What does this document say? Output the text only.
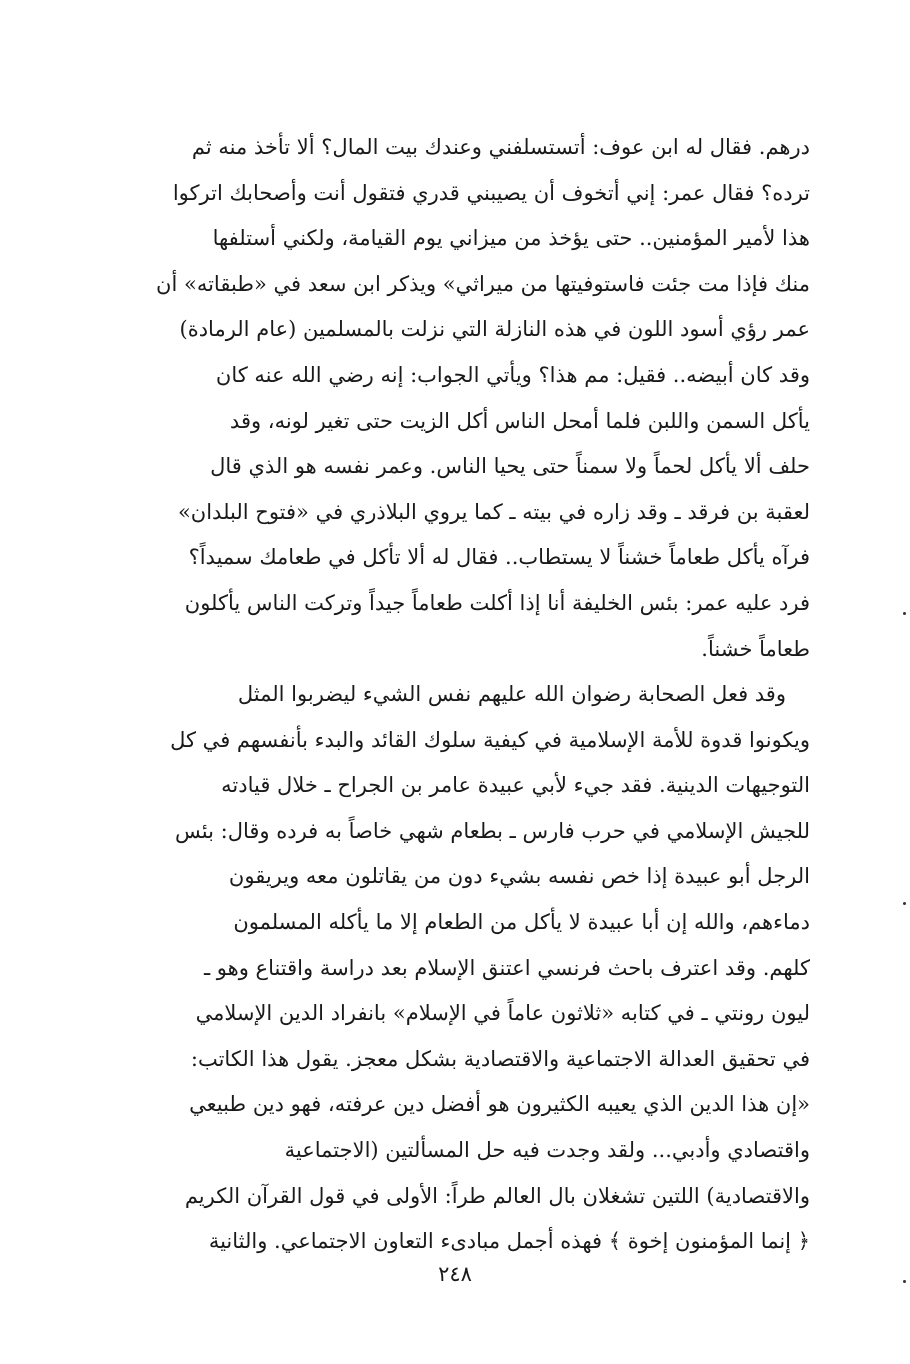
درهم. فقال له ابن عوف: أتستسلفني وعندك بيت المال؟ ألا تأخذ منه ثم
ترده؟ فقال عمر: إني أتخوف أن يصيبني قدري فتقول أنت وأصحابك اتركوا
هذا لأمير المؤمنين.. حتى يؤخذ من ميزاني يوم القيامة، ولكني أستلفها
منك فإذا مت جئت فاستوفيتها من ميراثي» ويذكر ابن سعد في «طبقاته» أن
عمر رؤي أسود اللون في هذه النازلة التي نزلت بالمسلمين (عام الرمادة)
وقد كان أبيضه.. فقيل: مم هذا؟ ويأتي الجواب: إنه رضي الله عنه كان
يأكل السمن واللبن فلما أمحل الناس أكل الزيت حتى تغير لونه، وقد
حلف ألا يأكل لحماً ولا سمناً حتى يحيا الناس. وعمر نفسه هو الذي قال
لعقبة بن فرقد ـ وقد زاره في بيته ـ كما يروي البلاذري في «فتوح البلدان»
فرآه يأكل طعاماً خشناً لا يستطاب.. فقال له ألا تأكل في طعامك سميداً؟
فرد عليه عمر: بئس الخليفة أنا إذا أكلت طعاماً جيداً وتركت الناس يأكلون
طعاماً خشناً.
وقد فعل الصحابة رضوان الله عليهم نفس الشيء ليضربوا المثل
ويكونوا قدوة للأمة الإسلامية في كيفية سلوك القائد والبدء بأنفسهم في كل
التوجيهات الدينية. فقد جيء لأبي عبيدة عامر بن الجراح ـ خلال قيادته
للجيش الإسلامي في حرب فارس ـ بطعام شهي خاصاً به فرده وقال: بئس
الرجل أبو عبيدة إذا خص نفسه بشيء دون من يقاتلون معه ويريقون
دماءهم، والله إن أبا عبيدة لا يأكل من الطعام إلا ما يأكله المسلمون
كلهم. وقد اعترف باحث فرنسي اعتنق الإسلام بعد دراسة واقتناع وهو ـ
ليون رونتي ـ في كتابه «ثلاثون عاماً في الإسلام» بانفراد الدين الإسلامي
في تحقيق العدالة الاجتماعية والاقتصادية بشكل معجز. يقول هذا الكاتب:
«إن هذا الدين الذي يعيبه الكثيرون هو أفضل دين عرفته، فهو دين طبيعي
واقتصادي وأدبي... ولقد وجدت فيه حل المسألتين (الاجتماعية
والاقتصادية) اللتين تشغلان بال العالم طراً: الأولى في قول القرآن الكريم
﴿ إنما المؤمنون إخوة ﴾ فهذه أجمل مبادىء التعاون الاجتماعي. والثانية
٢٤٨
